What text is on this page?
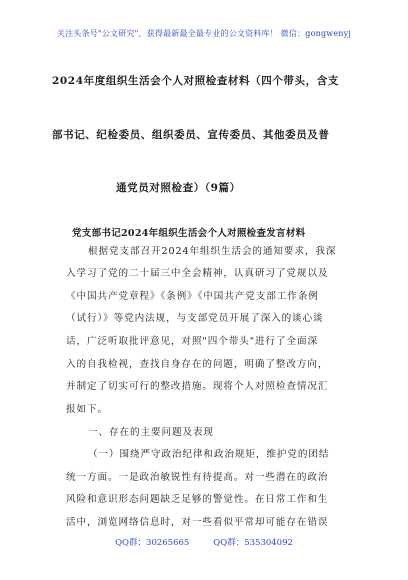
关注头条号"公文研究"，获得最新最全最专业的公文资料库！ 微信：gongwenyj
2024年度组织生活会个人对照检查材料（四个带头，含支
部书记、纪检委员、组织委员、宣传委员、其他委员及普
通党员对照检查）（9篇）
党支部书记2024年组织生活会个人对照检查发言材料
根据党支部召开2024年组织生活会的通知要求，我深
入学习了党的二十届三中全会精神，认真研习了党规以及
《中国共产党章程》《条例》《中国共产党支部工作条例
（试行）》等党内法规，与支部党员开展了深入的谈心谈
话，广泛听取批评意见，对照"四个带头"进行了全面深
入的自我检视，查找自身存在的问题，明确了整改方向，
并制定了切实可行的整改措施。现将个人对照检查情况汇
报如下。
一、存在的主要问题及表现
（一）围绕严守政治纪律和政治规矩，维护党的团结
统一方面。一是政治敏锐性有待提高。对一些潜在的政治
风险和意识形态问题缺乏足够的警觉性。在日常工作和生
活中，浏览网络信息时，对一些看似平常却可能存在错误
QQ群：30265665	QQ群：535304092
